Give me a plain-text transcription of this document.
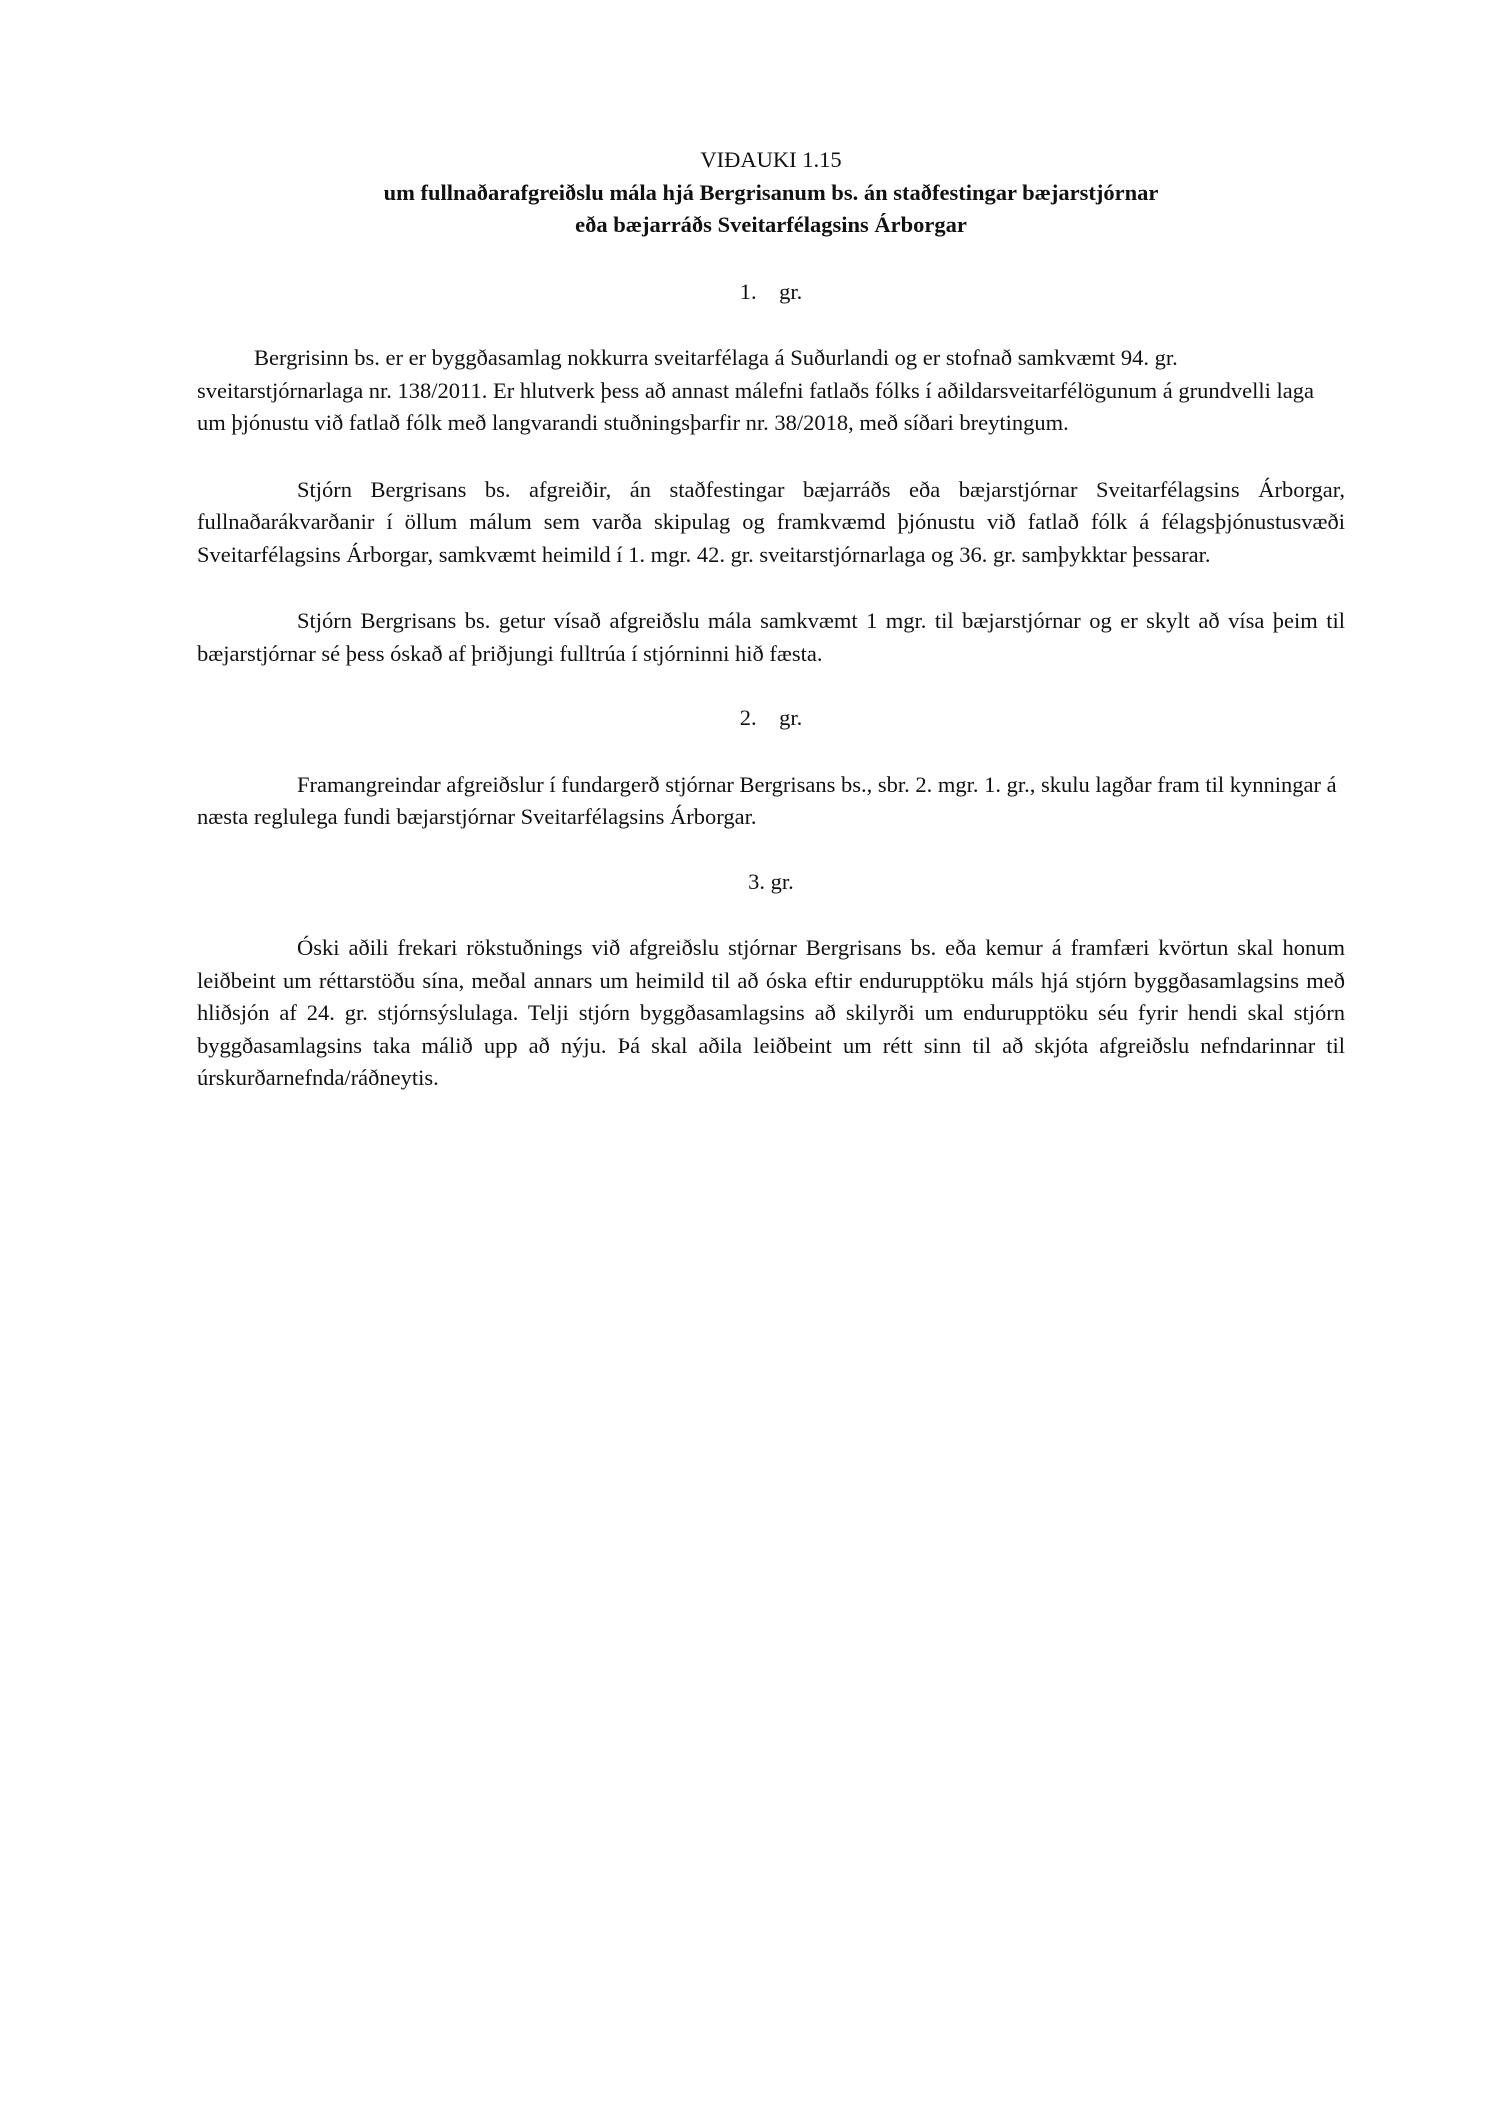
VIÐAUKI 1.15
um fullnaðarafgreiðslu mála hjá Bergrisanum bs. án staðfestingar bæjarstjórnar eða bæjarráðs Sveitarfélagsins Árborgar

1.    gr.

Bergrisinn bs. er er byggðasamlag nokkurra sveitarfélaga á Suðurlandi og er stofnað samkvæmt 94. gr. sveitarstjórnarlaga nr. 138/2011. Er hlutverk þess að annast málefni fatlaðs fólks í aðildarsveitarfélögunum á grundvelli laga um þjónustu við fatlað fólk með langvarandi stuðningsþarfir nr. 38/2018, með síðari breytingum.

Stjórn Bergrisans bs. afgreiðir, án staðfestingar bæjarráðs eða bæjarstjórnar Sveitarfélagsins Árborgar, fullnaðarákvarðanir í öllum málum sem varða skipulag og framkvæmd þjónustu við fatlað fólk á félagsþjónustusvæði Sveitarfélagsins Árborgar, samkvæmt heimild í 1. mgr. 42. gr. sveitarstjórnarlaga og 36. gr. samþykktar þessarar.

Stjórn Bergrisans bs. getur vísað afgreiðslu mála samkvæmt 1 mgr. til bæjarstjórnar og er skylt að vísa þeim til bæjarstjórnar sé þess óskað af þriðjungi fulltrúa í stjórninni hið fæsta.

2.    gr.

Framangreindar afgreiðslur í fundargerð stjórnar Bergrisans bs., sbr. 2. mgr. 1. gr., skulu lagðar fram til kynningar á næsta reglulega fundi bæjarstjórnar Sveitarfélagsins Árborgar.

3. gr.

Óski aðili frekari rökstuðnings við afgreiðslu stjórnar Bergrisans bs. eða kemur á framfæri kvörtun skal honum leiðbeint um réttarstöðu sína, meðal annars um heimild til að óska eftir endurupptöku máls hjá stjórn byggðasamlagsins með hliðsjón af 24. gr. stjórnsýslulaga. Telji stjórn byggðasamlagsins að skilyrði um endurupptöku séu fyrir hendi skal stjórn byggðasamlagsins taka málið upp að nýju. Þá skal aðila leiðbeint um rétt sinn til að skjóta afgreiðslu nefndarinnar til úrskurðarnefnda/ráðneytis.
